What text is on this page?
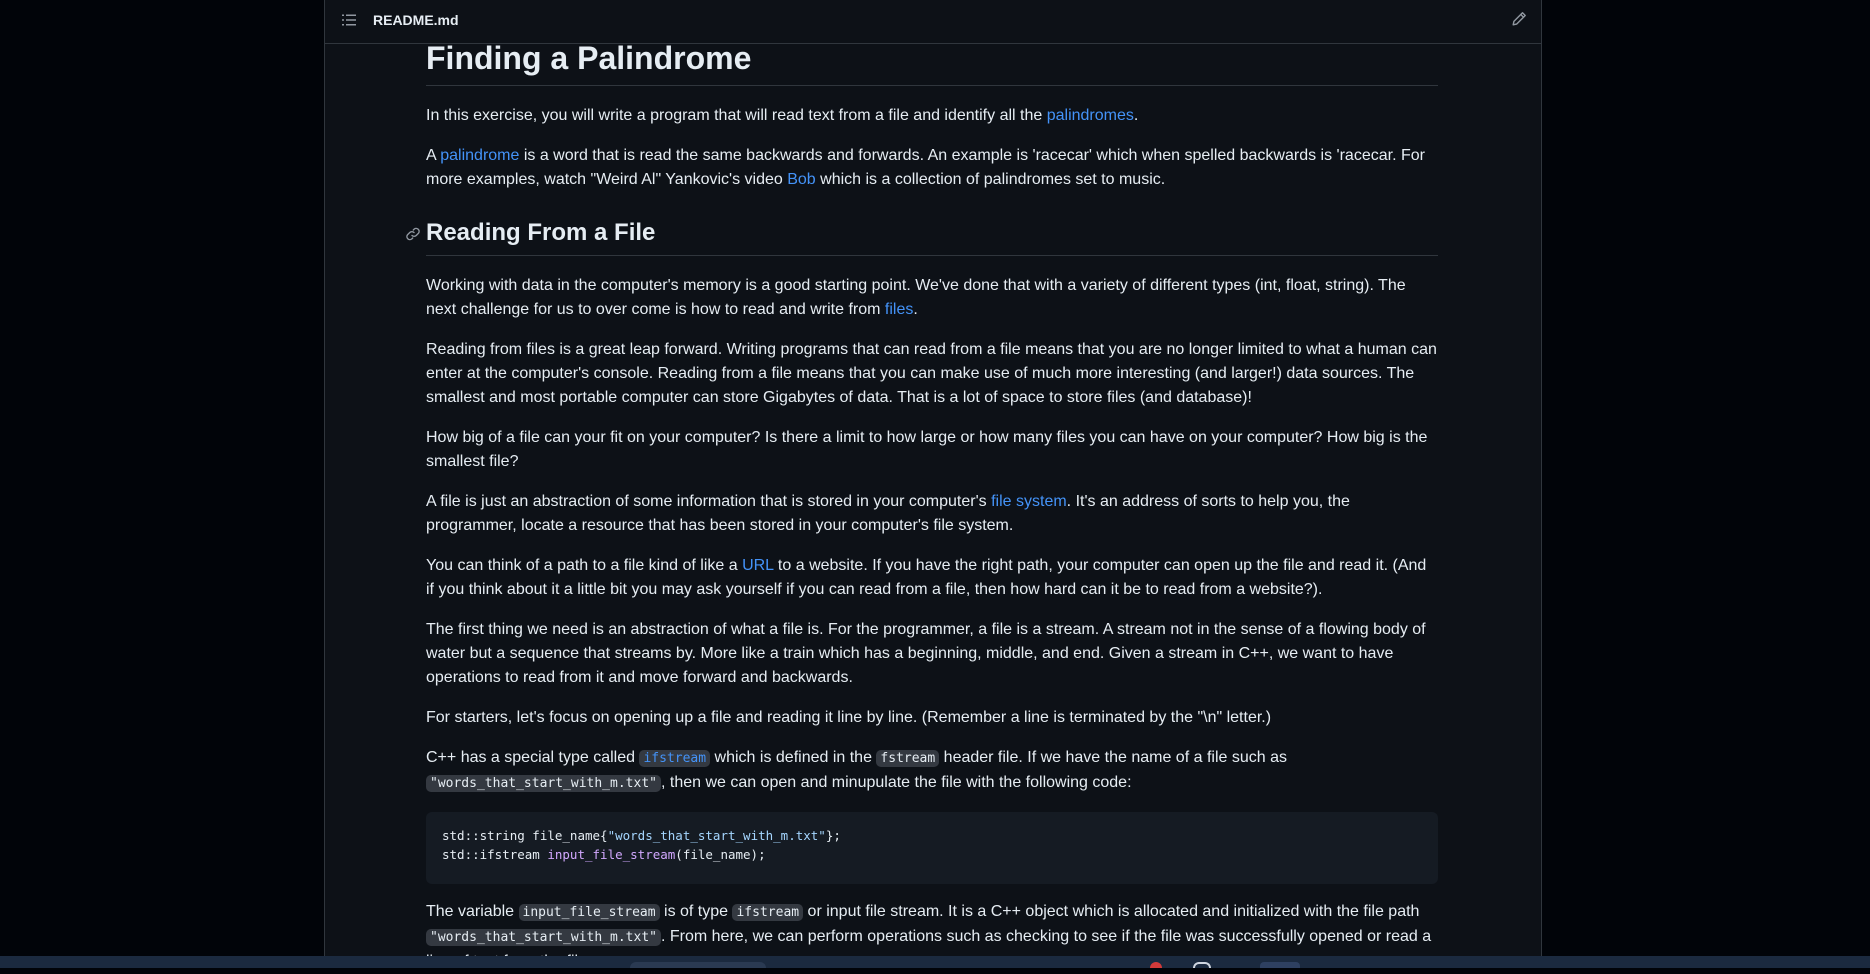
README.md
Finding a Palindrome

In this exercise, you will write a program that will read text from a file and identify all the palindromes.

A palindrome is a word that is read the same backwards and forwards. An example is 'racecar' which when spelled backwards is 'racecar. For more examples, watch "Weird Al" Yankovic's video Bob which is a collection of palindromes set to music.

Reading From a File

Working with data in the computer's memory is a good starting point. We've done that with a variety of different types (int, float, string). The next challenge for us to over come is how to read and write from files.

Reading from files is a great leap forward. Writing programs that can read from a file means that you are no longer limited to what a human can enter at the computer's console. Reading from a file means that you can make use of much more interesting (and larger!) data sources. The smallest and most portable computer can store Gigabytes of data. That is a lot of space to store files (and database)!

How big of a file can your fit on your computer? Is there a limit to how large or how many files you can have on your computer? How big is the smallest file?

A file is just an abstraction of some information that is stored in your computer's file system. It's an address of sorts to help you, the programmer, locate a resource that has been stored in your computer's file system.

You can think of a path to a file kind of like a URL to a website. If you have the right path, your computer can open up the file and read it. (And if you think about it a little bit you may ask yourself if you can read from a file, then how hard can it be to read from a website?).

The first thing we need is an abstraction of what a file is. For the programmer, a file is a stream. A stream not in the sense of a flowing body of water but a sequence that streams by. More like a train which has a beginning, middle, and end. Given a stream in C++, we want to have operations to read from it and move forward and backwards.

For starters, let's focus on opening up a file and reading it line by line. (Remember a line is terminated by the "\n" letter.)

C++ has a special type called ifstream which is defined in the fstream header file. If we have the name of a file such as "words_that_start_with_m.txt" , then we can open and minupulate the file with the following code:

std::string file_name{"words_that_start_with_m.txt"};
std::ifstream input_file_stream(file_name);

The variable input_file_stream is of type ifstream or input file stream. It is a C++ object which is allocated and initialized with the file path "words_that_start_with_m.txt" . From here, we can perform operations such as checking to see if the file was successfully opened or read a
